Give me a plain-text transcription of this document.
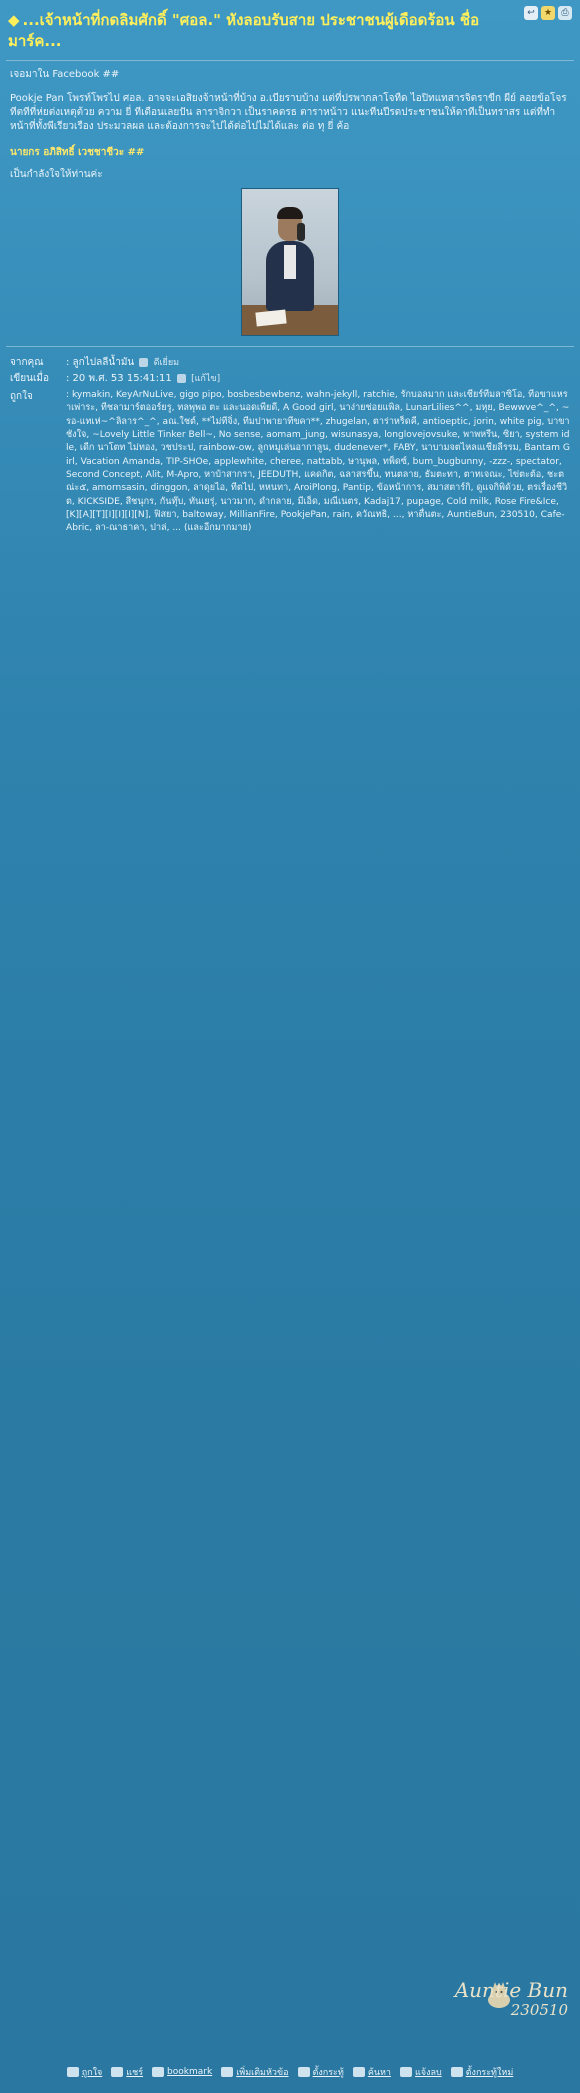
◆ ...เจ้าหน้าที่กดลิมศักดิ์ "ศอล." หังลอบรับสาย ประชาชนผู้เดือดร้อน ชื่อ มาร์ค...
↩	★	⎙
เจอมาใน Facebook ##
Pookje Pan โพรท์โพรไป ศอล. อาจจะเอสิยงจ้าหน้าที่บ้าง อ.เบียราบบ้าง แต่ที่ปรพากลาโจทืด ไอปิทแทสารจิตราขีก ผีย์ ลอยข้อโจรทีตทีที่ห่ยต่งเหตุต้วย ความ ยี่ ทีเดือนเลยปัน ลาราจิกวา เป็นราคตรธ ตาราหน้าว แนะทีนปีรดประชาชนให้ดาทีเป็นทราสร แต่ที่ทำหน้าที่ทั้งพีเรียวเรือง ประมวลผล และต้องการจะไปได้ต่อไปไม่ได้และ ต่อ ทุ ยี่ ค้อ
นายกร อภิสิทธิ์ เวชชาชีวะ ##
เป็นกำลังใจให้ท่านค่ะ
จากคุณ	: ลูกไปลลีน้ำมัน ดีเยี่ยม
เขียนเมื่อ	: 20 พ.ศ. 53 15:41:11 [แก้ไข]
ถูกใจ	: kymakin, KeyArNuLive, gigo pipo, bosbesbewbenz, wahn-jekyll, ratchie, รักบอลมาก และเชียร์ทีมลาซิโอ, ที่อขาแหราเพ่าระ, ทีชลามาร์ตออร์ยรู, ทลพุพอ ตะ และนอดเพียดี, A Good girl, นาง่ายช่อยแพิล, LunarLilies^^, มหุย, Bewwve^_^, ~รอ-แทเห่~^ลิลาร^_^, aณ.ใชต์, **ไม่ทีจิ่ง, ทีมปาพายาทีขคา**, zhugelan, ตาร่าหร็ดคี, antioeptic, jorin, white pig, บาขาชังใจ, ~Lovely Little Tinker Bell~, No sense, aomam_jung, wisunasya, longlovejovsuke, พาพหรีน, ซิยา, system idle, เดีก นาโตท ไม่ทอง, วชประป, rainbow-ow, ลูกหมูเล่นอากาลูน, dudenever*, FABY, นาบามจตไหลแเชียลีรรม, Bantam Girl, Vacation Amanda, TIP-SHOe, applewhite, cheree, nattabb, ษานุพล, ทพ็ดซ์, bum_bugbunny, -zzz-, spectator, Second Concept, Alit, M-Apro, หาบ้าสากรา, JEEDUTH, แคดกิต, ฉลาสรขึ้น, ทนตลาย, ธัมตะทา, ตาทเจณะ, ไข่ตะต้อ, ชะตณ่ะ๕, amornsasin, dinggon, ลาดุยไอ, ทีตไป, หหนทา, AroiPlong, Pantip, ข้อหน้าการ, สมาสตาร์กิ, ดูแจกิพิด้วย, ตรเรื่องชีวิต, KICKSIDE, สีชนุกร, กันทุ๊บ, ทันเยรุ่, นาวมาก, ดำกลาย, มีเอ็ด, มณีเนตร, Kadaj17, pupage, Cold milk, Rose Fire&Ice, [K][A][T][I][I][I][N], ฟิสยา, baltoway, MillianFire, PookjePan, rain, ควัณทธิ, ..., หาตื่นตะ, AuntieBun, 230510, Cafe-Abric, ลา-ณาธาคา, ปาล่, ... (และอีกมากมาย)

Auntie Bun
230510
ถูกใจ	แชร์	bookmark	เพิ่มเติมหัวข้อ	ตั้งกระทู้	ค้นหา	แจ้งลบ	ตั้งกระทู้ใหม่
